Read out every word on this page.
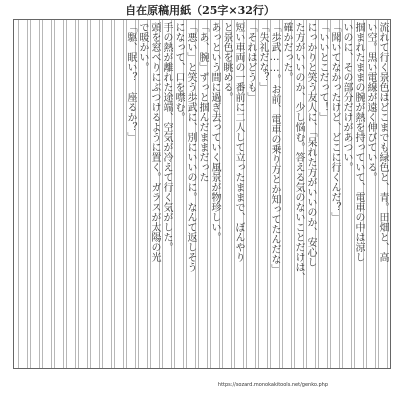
自在原稿用紙（25字×32行）
流れて行く景色はどこまでも緑色と、青。田畑と、高
い空。黒い電線が遠く伸びている。
掴まれたままの腕が熱を持っていて、電車の中は涼し
いのに、その部分だけがあつい。
「聞いてなかったけど、どこに行くんだ？」
「いいとこだって！」
にっかりと笑う友人に、「呆れた方がいいのか、安心し
た方がいいのか、少し悩む。答える気のないことだけは、
確かだった。
「歩武……。お前、電車の乗り方とか知ってたんだな」
「失礼だな？」
「それはどうも」
短い車両の一番前に二人して立ったままで、ぼんやり
と景色を眺める。
あっという間に過ぎ去っていく風景が物珍しい。
「あ、腕」ずっと掴んだままだった
「悪い」と笑う歩武に、別にいいのに。なんて返しそう
になって、口を噤む。
手の熱が離れた途端、空気が冷えて行く気がした。
頭を窓べりにぶつけるように置く。ガラスが太陽の光
で暖かい。
「駆、眠い？　座るか？」
https://sozard.monokakitools.net/genko.php
